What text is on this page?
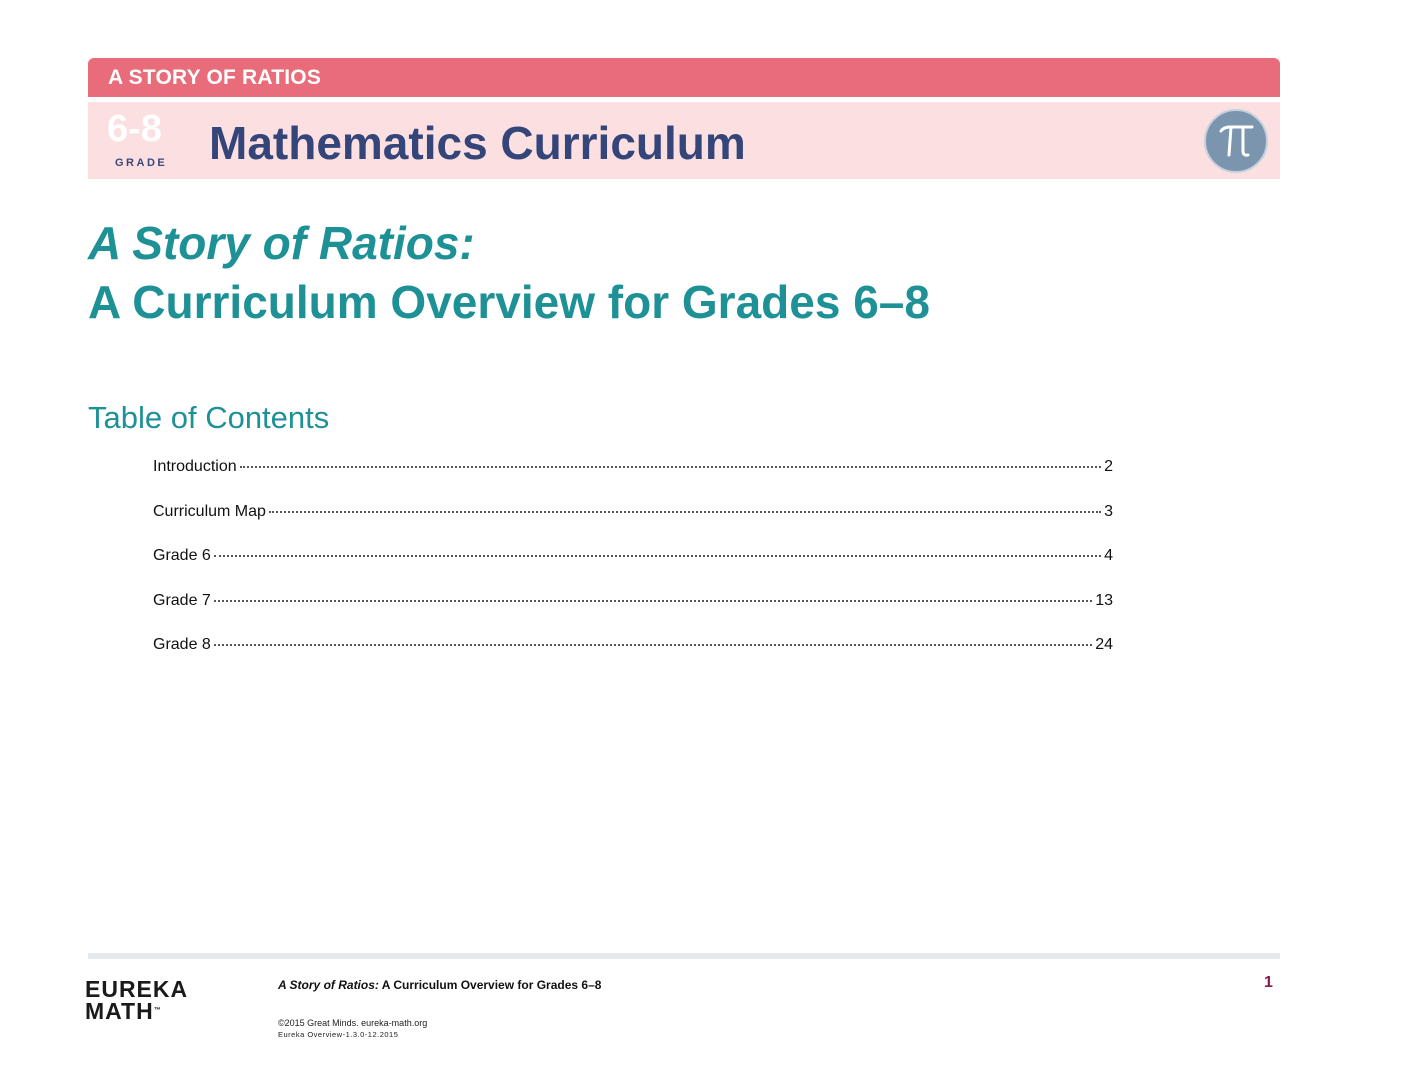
A STORY OF RATIOS
6-8
GRADE Mathematics Curriculum
A Story of Ratios:
A Curriculum Overview for Grades 6–8
Table of Contents
Introduction	2
Curriculum Map	3
Grade 6	4
Grade 7	13
Grade 8	24
EUREKA
MATH™
A Story of Ratios: A Curriculum Overview for Grades 6–8	1
©2015 Great Minds. eureka-math.org
Eureka Overview-1.3.0-12.2015
